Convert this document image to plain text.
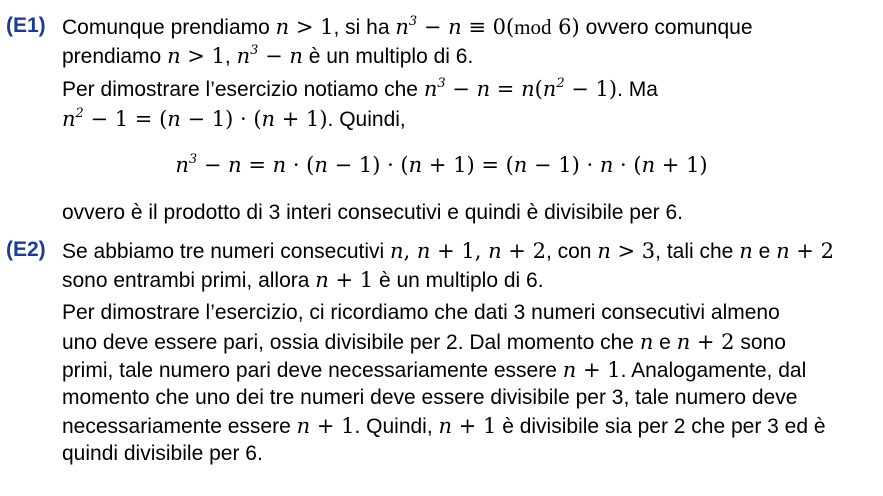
(E1) Comunque prendiamo n > 1, si ha $n^3 - n \equiv 0(mod$ 6) ovvero comunque
prendiamo n > 1, $n^3 - n$ è un multiplo di 6.
Per dimostrare l’esercizio notiamo che $n^3 - n = n(n^2 - 1)$. Ma
$n^2 - 1 = (n - 1) \cdot (n + 1)$. Quindi,
$n^3 - n = n \cdot (n - 1) \cdot (n + 1) = (n - 1) \cdot n \cdot (n + 1)$
ovvero è il prodotto di 3 interi consecutivi e quindi è divisibile per 6.
(E2) Se abbiamo tre numeri consecutivi n, n + 1, n + 2, con n > 3, tali che n e n + 2
sono entrambi primi, allora n + 1 è un multiplo di 6.
Per dimostrare l’esercizio, ci ricordiamo che dati 3 numeri consecutivi almeno
uno deve essere pari, ossia divisibile per 2. Dal momento che n e n + 2 sono
primi, tale numero pari deve necessariamente essere n + 1. Analogamente, dal
momento che uno dei tre numeri deve essere divisibile per 3, tale numero deve
necessariamente essere n + 1. Quindi, n + 1 è divisibile sia per 2 che per 3 ed è
quindi divisibile per 6.
